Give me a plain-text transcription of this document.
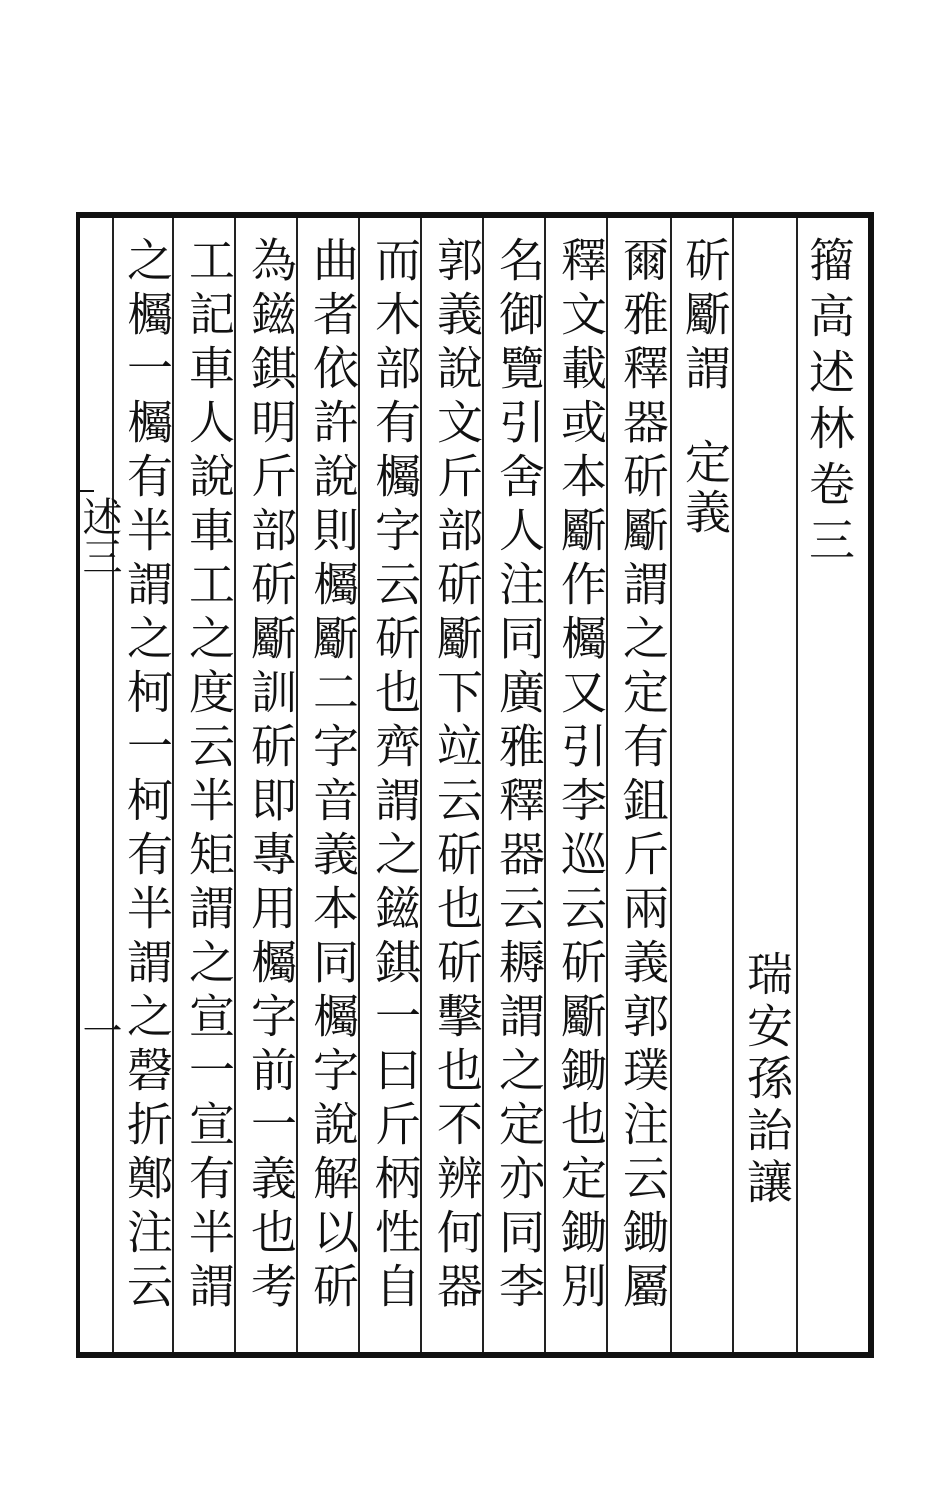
籀高述林卷三
瑞安孫詒讓
斫斸謂定義
爾雅釋器斫斸謂之定有鉏斤兩義郭璞注云鋤屬
釋文載或本斸作欘又引李巡云斫斸鋤也定鋤別
名御覽引舍人注同廣雅釋器云耨謂之定亦同李
郭義說文斤部斫斸下竝云斫也斫擊也不辨何器
而木部有欘字云斫也齊謂之鎡錤一曰斤柄性自
曲者依許說則欘斸二字音義本同欘字說解以斫
為鎡錤明斤部斫斸訓斫即專用欘字前一義也考
工記車人說車工之度云半矩謂之宣一宣有半謂
之欘一欘有半謂之柯一柯有半謂之磬折鄭注云
述三
一
